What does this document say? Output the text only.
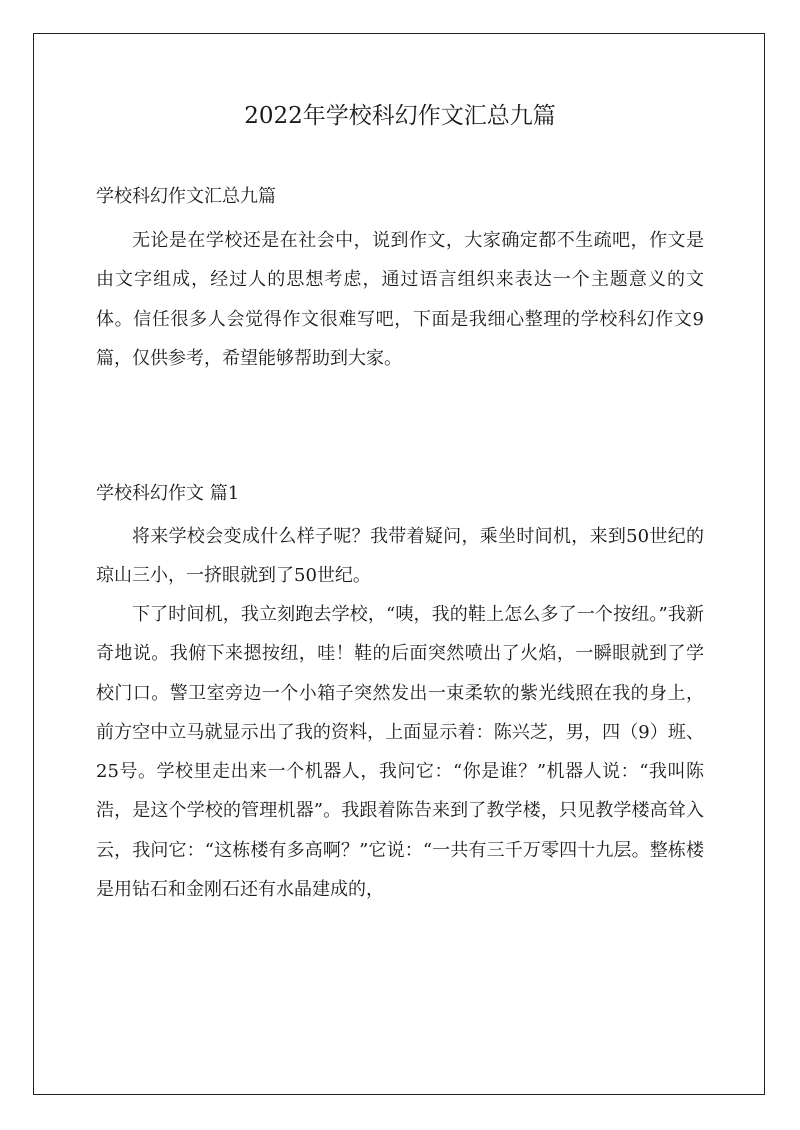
2022年学校科幻作文汇总九篇

学校科幻作文汇总九篇

无论是在学校还是在社会中，说到作文，大家确定都不生疏吧，作文是由文字组成，经过人的思想考虑，通过语言组织来表达一个主题意义的文体。信任很多人会觉得作文很难写吧，下面是我细心整理的学校科幻作文9篇，仅供参考，希望能够帮助到大家。

学校科幻作文 篇1

将来学校会变成什么样子呢？我带着疑问，乘坐时间机，来到50世纪的琼山三小，一挤眼就到了50世纪。

下了时间机，我立刻跑去学校，“咦，我的鞋上怎么多了一个按纽。”我新奇地说。我俯下来摁按纽，哇！鞋的后面突然喷出了火焰，一瞬眼就到了学校门口。警卫室旁边一个小箱子突然发出一束柔软的紫光线照在我的身上，前方空中立马就显示出了我的资料，上面显示着：陈兴芝，男，四（9）班、25号。学校里走出来一个机器人，我问它：“你是谁？”机器人说：“我叫陈浩，是这个学校的管理机器”。我跟着陈告来到了教学楼，只见教学楼高耸入云，我问它：“这栋楼有多高啊？”它说：“一共有三千万零四十九层。整栋楼是用钻石和金刚石还有水晶建成的，
